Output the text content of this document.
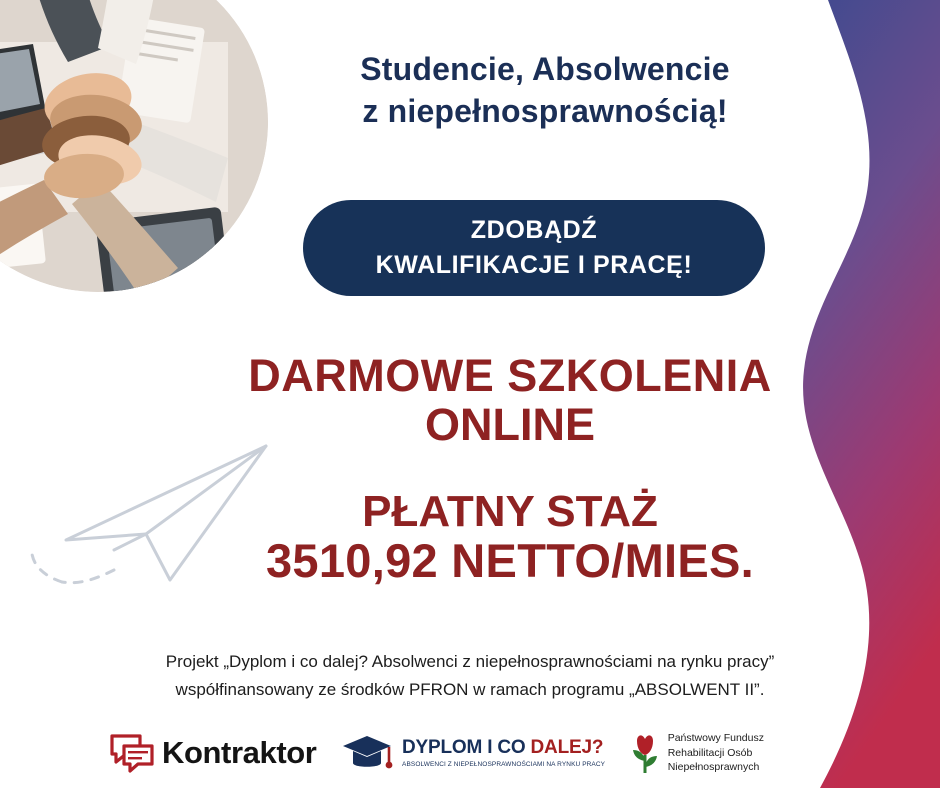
Studencie, Absolwencie
z niepełnosprawnością!
ZDOBĄDŹ
KWALIFIKACJE I PRACĘ!
DARMOWE SZKOLENIA
ONLINE
PŁATNY STAŻ
3510,92 NETTO/MIES.
Projekt „Dyplom i co dalej? Absolwenci z niepełnosprawnościami na rynku pracy”
współfinansowany ze środków PFRON w ramach programu „ABSOLWENT II”.
Kontraktor	DYPLOM I CO DALEJ?
ABSOLWENCI Z NIEPEŁNOSPRAWNOŚCIAMI NA RYNKU PRACY
Państwowy Fundusz
Rehabilitacji Osób
Niepełnosprawnych
